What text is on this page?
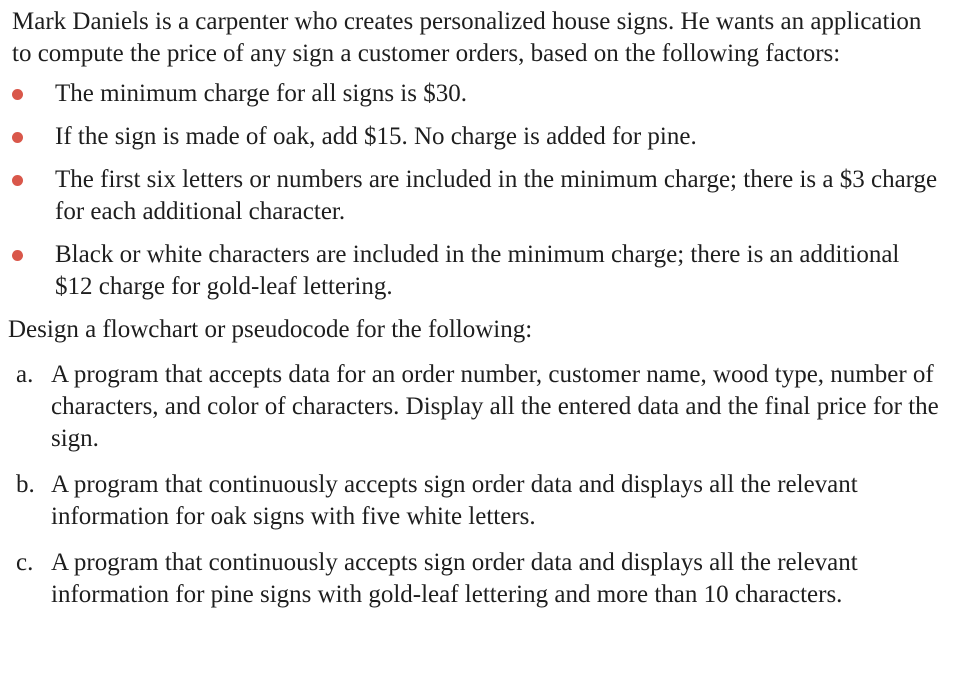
Mark Daniels is a carpenter who creates personalized house signs. He wants an application to compute the price of any sign a customer orders, based on the following factors:

The minimum charge for all signs is $30.
If the sign is made of oak, add $15. No charge is added for pine.
The first six letters or numbers are included in the minimum charge; there is a $3 charge for each additional character.
Black or white characters are included in the minimum charge; there is an additional $12 charge for gold-leaf lettering.

Design a flowchart or pseudocode for the following:

a. A program that accepts data for an order number, customer name, wood type, number of characters, and color of characters. Display all the entered data and the final price for the sign.
b. A program that continuously accepts sign order data and displays all the relevant information for oak signs with five white letters.
c. A program that continuously accepts sign order data and displays all the relevant information for pine signs with gold-leaf lettering and more than 10 characters.
